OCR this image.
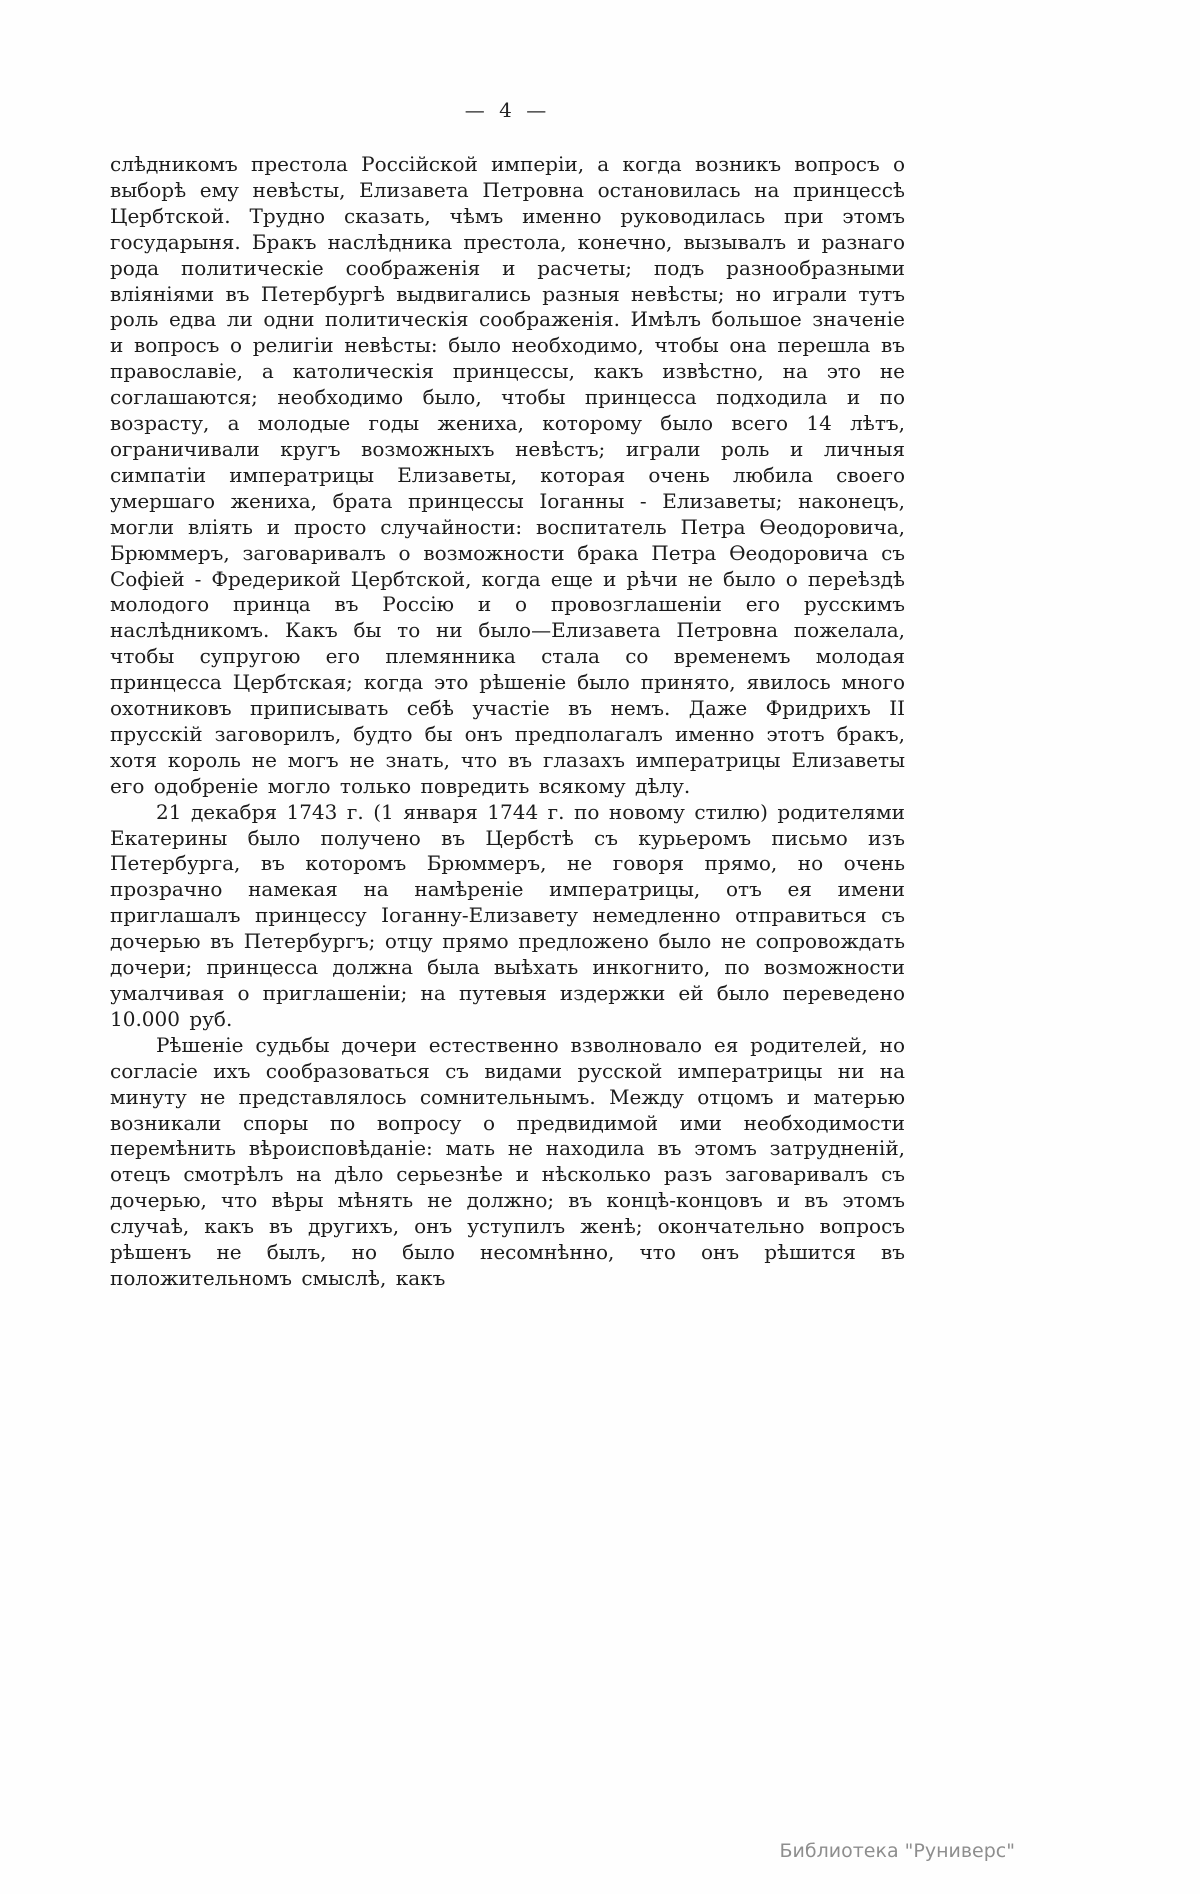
— 4 —

слѣдникомъ престола Россійской имперіи, а когда возникъ вопросъ о выборѣ ему невѣсты, Елизавета Петровна остановилась на принцессѣ Цербтской. Трудно сказать, чѣмъ именно руководилась при этомъ государыня. Бракъ наслѣдника престола, конечно, вызывалъ и разнаго рода политическіе соображенія и расчеты; подъ разнообразными вліяніями въ Петербургѣ выдвигались разныя невѣсты; но играли тутъ роль едва ли одни политическія соображенія. Имѣлъ большое значеніе и вопросъ о религіи невѣсты: было необходимо, чтобы она перешла въ православіе, а католическія принцессы, какъ извѣстно, на это не соглашаются; необходимо было, чтобы принцесса подходила и по возрасту, а молодые годы жениха, которому было всего 14 лѣтъ, ограничивали кругъ возможныхъ невѣстъ; играли роль и личныя симпатіи императрицы Елизаветы, которая очень любила своего умершаго жениха, брата принцессы Іоганны - Елизаветы; наконецъ, могли вліять и просто случайности: воспитатель Петра Ѳеодоровича, Брюммеръ, заговаривалъ о возможности брака Петра Ѳеодоровича съ Софіей - Фредерикой Цербтской, когда еще и рѣчи не было о переѣздѣ молодого принца въ Россію и о провозглашеніи его русскимъ наслѣдникомъ. Какъ бы то ни было—Елизавета Петровна пожелала, чтобы супругою его племянника стала со временемъ молодая принцесса Цербтская; когда это рѣшеніе было принято, явилось много охотниковъ приписывать себѣ участіе въ немъ. Даже Фридрихъ II прусскій заговорилъ, будто бы онъ предполагалъ именно этотъ бракъ, хотя король не могъ не знать, что въ глазахъ императрицы Елизаветы его одобреніе могло только повредить всякому дѣлу.

21 декабря 1743 г. (1 января 1744 г. по новому стилю) родителями Екатерины было получено въ Цербстѣ съ курьеромъ письмо изъ Петербурга, въ которомъ Брюммеръ, не говоря прямо, но очень прозрачно намекая на намѣреніе императрицы, отъ ея имени приглашалъ принцессу Іоганну-Елизавету немедленно отправиться съ дочерью въ Петербургъ; отцу прямо предложено было не сопровождать дочери; принцесса должна была выѣхать инкогнито, по возможности умалчивая о приглашеніи; на путевыя издержки ей было переведено 10.000 руб.

Рѣшеніе судьбы дочери естественно взволновало ея родителей, но согласіе ихъ сообразоваться съ видами русской императрицы ни на минуту не представлялось сомнительнымъ. Между отцомъ и матерью возникали споры по вопросу о предвидимой ими необходимости перемѣнить вѣроисповѣданіе: мать не находила въ этомъ затрудненій, отецъ смотрѣлъ на дѣло серьезнѣе и нѣсколько разъ заговаривалъ съ дочерью, что вѣры мѣнять не должно; въ концѣ-концовъ и въ этомъ случаѣ, какъ въ другихъ, онъ уступилъ женѣ; окончательно вопросъ рѣшенъ не былъ, но было несомнѣнно, что онъ рѣшится въ положительномъ смыслѣ, какъ

Библиотека "Руниверс"
